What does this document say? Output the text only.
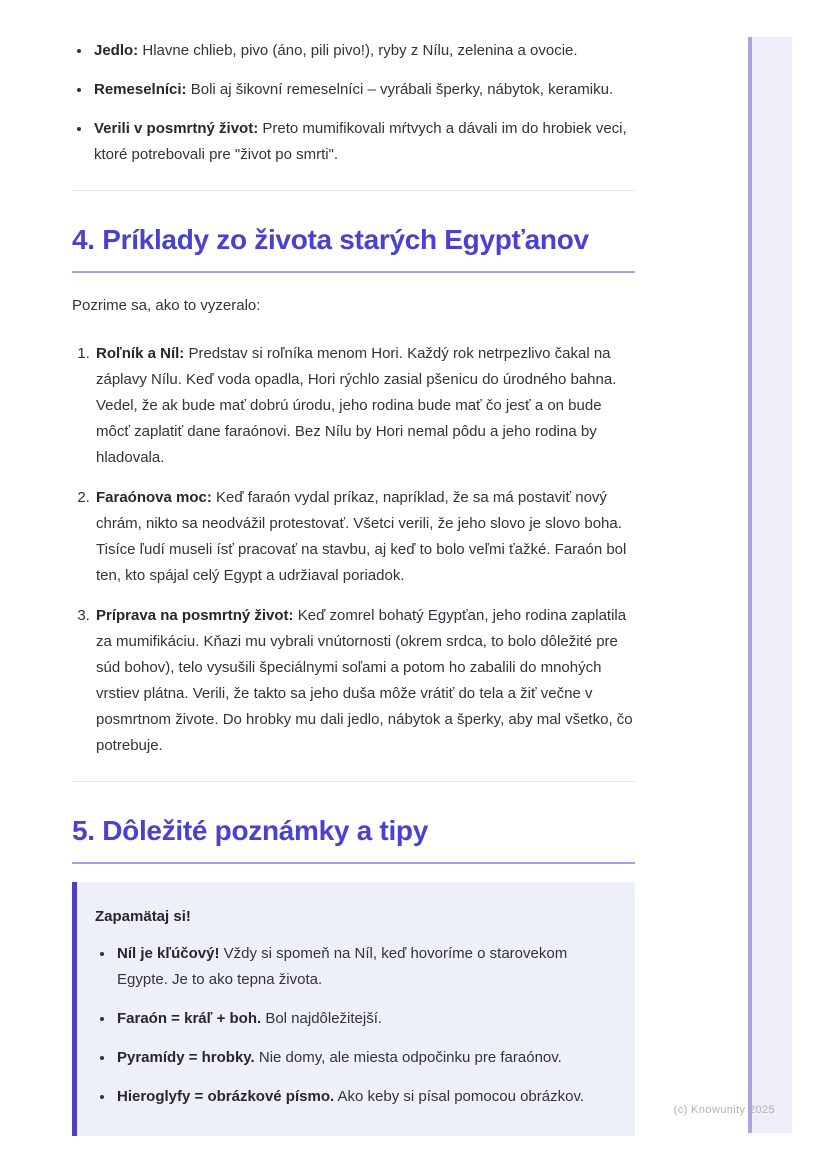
• Jedlo: Hlavne chlieb, pivo (áno, pili pivo!), ryby z Nílu, zelenina a ovocie.
• Remeselníci: Boli aj šikovní remeselníci – vyrábali šperky, nábytok, keramiku.
• Verili v posmrtný život: Preto mumifikovali mŕtvych a dávali im do hrobiek veci, ktoré potrebovali pre "život po smrti".
4. Príklady zo života starých Egypťanov

Pozrime sa, ako to vyzeralo:

1. Roľník a Níl: Predstav si roľníka menom Hori. Každý rok netrpezlivo čakal na záplavy Nílu. Keď voda opadla, Hori rýchlo zasial pšenicu do úrodného bahna. Vedel, že ak bude mať dobrú úrodu, jeho rodina bude mať čo jesť a on bude môcť zaplatiť dane faraónovi. Bez Nílu by Hori nemal pôdu a jeho rodina by hladovala.
2. Faraónova moc: Keď faraón vydal príkaz, napríklad, že sa má postaviť nový chrám, nikto sa neodvážil protestovať. Všetci verili, že jeho slovo je slovo boha. Tisíce ľudí museli ísť pracovať na stavbu, aj keď to bolo veľmi ťažké. Faraón bol ten, kto spájal celý Egypt a udržiaval poriadok.
3. Príprava na posmrtný život: Keď zomrel bohatý Egypťan, jeho rodina zaplatila za mumifikáciu. Kňazi mu vybrali vnútornosti (okrem srdca, to bolo dôležité pre súd bohov), telo vysušili špeciálnymi soľami a potom ho zabalili do mnohých vrstiev plátna. Verili, že takto sa jeho duša môže vrátiť do tela a žiť večne v posmrtnom živote. Do hrobky mu dali jedlo, nábytok a šperky, aby mal všetko, čo potrebuje.
5. Dôležité poznámky a tipy
Zapamätaj si!
• Níl je kľúčový! Vždy si spomeň na Níl, keď hovoríme o starovekom Egypte. Je to ako tepna života.
• Faraón = kráľ + boh. Bol najdôležitejší.
• Pyramídy = hrobky. Nie domy, ale miesta odpočinku pre faraónov.
• Hieroglyfy = obrázkové písmo. Ako keby si písal pomocou obrázkov.
(c) Knowunity 2025
